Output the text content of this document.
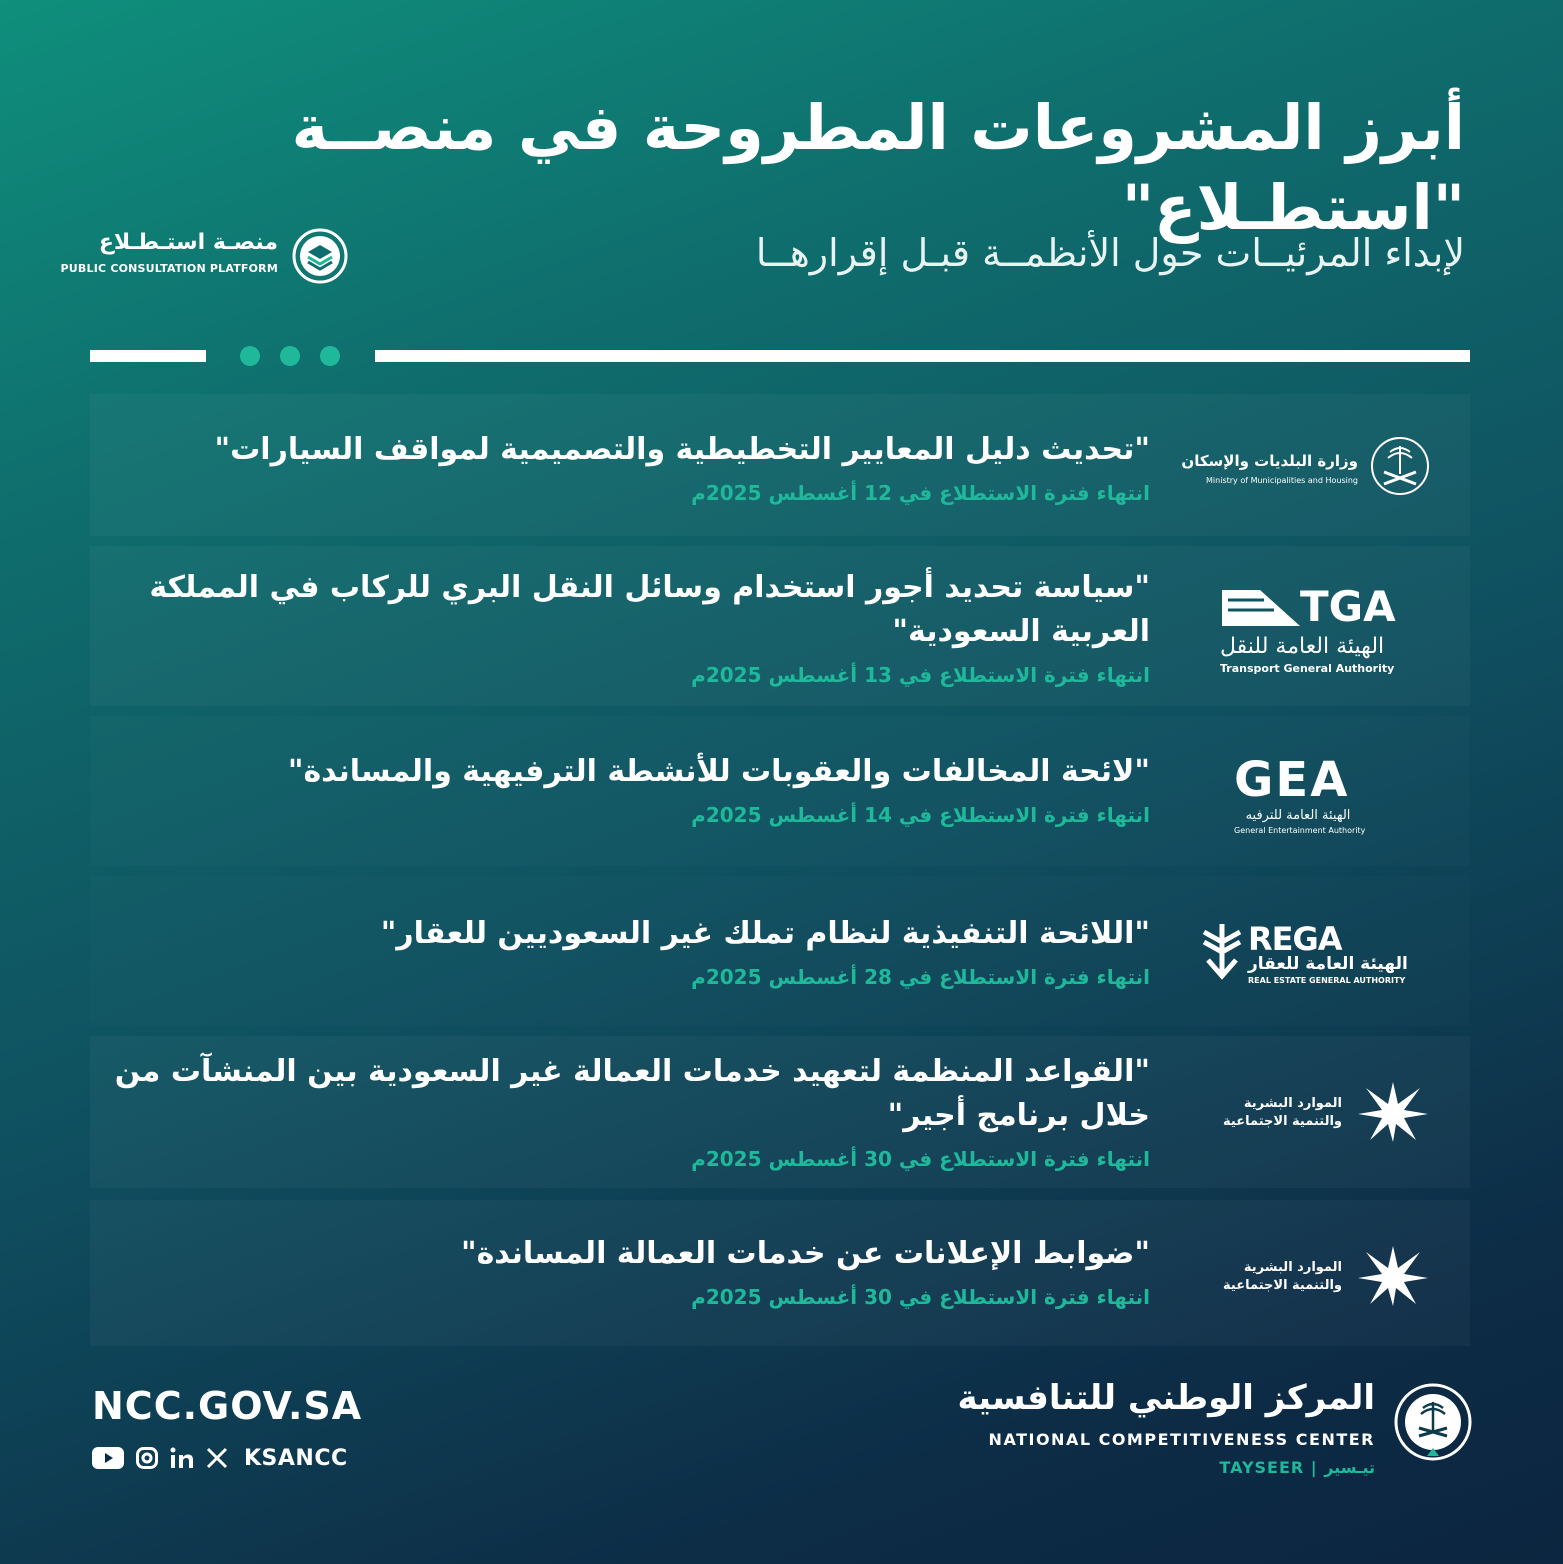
أبرز المشروعات المطروحة في منصــة "استطـلاع"
لإبداء المرئيــات حول الأنظمــة قبـل إقرارهــا
منصـة استـطـلاع
PUBLIC CONSULTATION PLATFORM
"تحديث دليل المعايير التخطيطية والتصميمية لمواقف السيارات"
انتهاء فترة الاستطلاع في 12 أغسطس 2025م
وزارة البلديات والإسكان
Ministry of Municipalities and Housing
"سياسة تحديد أجور استخدام وسائل النقل البري للركاب في المملكة العربية السعودية"
انتهاء فترة الاستطلاع في 13 أغسطس 2025م
TGA
الهيئة العامة للنقل
Transport General Authority
"لائحة المخالفات والعقوبات للأنشطة الترفيهية والمساندة"
انتهاء فترة الاستطلاع في 14 أغسطس 2025م
GEA
الهيئة العامة للترفيه
General Entertainment Authority
"اللائحة التنفيذية لنظام تملك غير السعوديين للعقار"
انتهاء فترة الاستطلاع في 28 أغسطس 2025م
REGA
الهيئة العامة للعقار
REAL ESTATE GENERAL AUTHORITY
"القواعد المنظمة لتعهيد خدمات العمالة غير السعودية بين المنشآت من خلال برنامج أجير"
انتهاء فترة الاستطلاع في 30 أغسطس 2025م
الموارد البشرية
والتنمية الاجتماعية
"ضوابط الإعلانات عن خدمات العمالة المساندة"
انتهاء فترة الاستطلاع في 30 أغسطس 2025م
الموارد البشرية
والتنمية الاجتماعية
NCC.GOV.SA
KSANCC
المركز الوطني للتنافسية
NATIONAL COMPETITIVENESS CENTER
TAYSEER | تيـسير
